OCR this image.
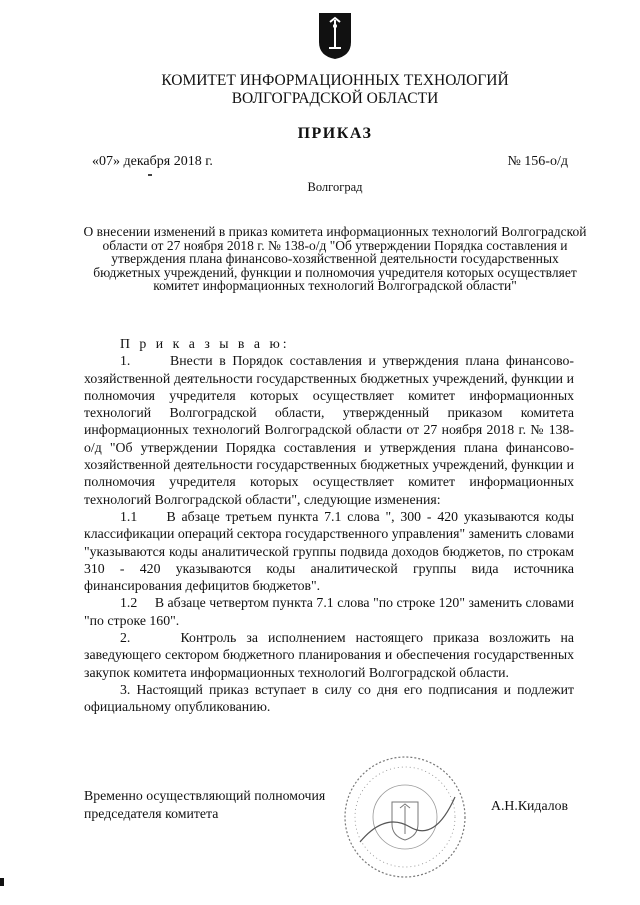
КОМИТЕТ ИНФОРМАЦИОННЫХ ТЕХНОЛОГИЙ
ВОЛГОГРАДСКОЙ ОБЛАСТИ
ПРИКАЗ
«07» декабря 2018 г.	№ 156-о/д
Волгоград
О внесении изменений в приказ комитета информационных технологий Волгоградской области от 27 ноября 2018 г. № 138-о/д "Об утверждении Порядка составления и утверждения плана финансово-хозяйственной деятельности государственных бюджетных учреждений, функции и полномочия учредителя которых осуществляет комитет информационных технологий Волгоградской области"

П р и к а з ы в а ю:

1.      Внести в Порядок составления и утверждения плана финансово-хозяйственной деятельности государственных бюджетных учреждений, функции и полномочия учредителя которых осуществляет комитет информационных технологий Волгоградской области, утвержденный приказом комитета информационных технологий Волгоградской области от 27 ноября 2018 г. № 138-о/д "Об утверждении Порядка составления и утверждения плана финансово-хозяйственной деятельности государственных бюджетных учреждений, функции и полномочия учредителя которых осуществляет комитет информационных технологий Волгоградской области", следующие изменения:

1.1     В абзаце третьем пункта 7.1 слова ", 300 - 420 указываются коды классификации операций сектора государственного управления" заменить словами "указываются коды аналитической группы подвида доходов бюджетов, по строкам 310 - 420 указываются коды аналитической группы вида источника финансирования дефицитов бюджетов".

1.2     В абзаце четвертом пункта 7.1 слова "по строке 120" заменить словами "по строке 160".

2.     Контроль за исполнением настоящего приказа возложить на заведующего сектором бюджетного планирования и обеспечения государственных закупок комитета информационных технологий Волгоградской области.

3. Настоящий приказ вступает в силу со дня его подписания и подлежит официальному опубликованию.

Временно осуществляющий полномочия
председателя комитета
А.Н.Кидалов
